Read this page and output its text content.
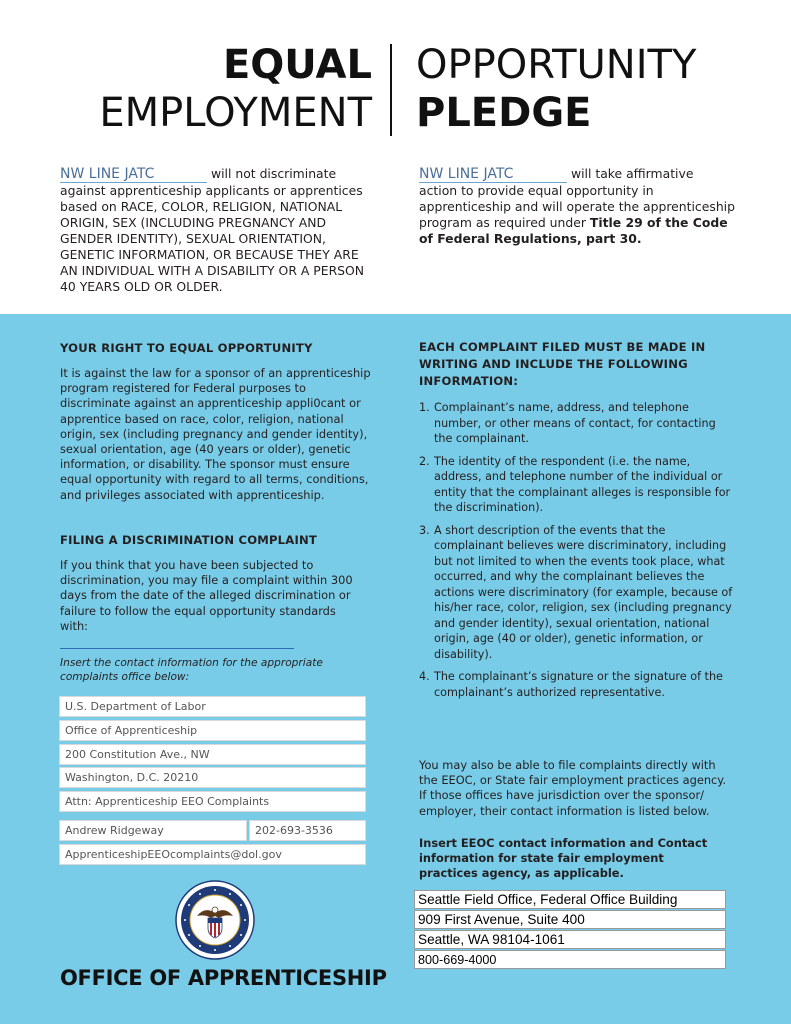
EQUAL
EMPLOYMENT
OPPORTUNITY
PLEDGE
NW LINE JATC	will not discriminate
against apprenticeship applicants or apprentices based on RACE, COLOR, RELIGION, NATIONAL ORIGIN, SEX (INCLUDING PREGNANCY AND GENDER IDENTITY), SEXUAL ORIENTATION, GENETIC INFORMATION, OR BECAUSE THEY ARE AN INDIVIDUAL WITH A DISABILITY OR A PERSON 40 YEARS OLD OR OLDER.
NW LINE JATC	will take affirmative
action to provide equal opportunity in apprenticeship and will operate the apprenticeship program as required under Title 29 of the Code of Federal Regulations, part 30.
YOUR RIGHT TO EQUAL OPPORTUNITY
It is against the law for a sponsor of an apprenticeship program registered for Federal purposes to discriminate against an apprenticeship appli0cant or apprentice based on race, color, religion, national origin, sex (including pregnancy and gender identity), sexual orientation, age (40 years or older), genetic information, or disability. The sponsor must ensure equal opportunity with regard to all terms, conditions, and privileges associated with apprenticeship.
FILING A DISCRIMINATION COMPLAINT
If you think that you have been subjected to discrimination, you may file a complaint within 300 days from the date of the alleged discrimination or failure to follow the equal opportunity standards with:
Insert the contact information for the appropriate complaints office below:
U.S. Department of Labor
Office of Apprenticeship
200 Constitution Ave., NW
Washington, D.C. 20210
Attn: Apprenticeship EEO Complaints
Andrew Ridgeway	202-693-3536
ApprenticeshipEEOcomplaints@dol.gov
OFFICE OF APPRENTICESHIP
EACH COMPLAINT FILED MUST BE MADE IN WRITING AND INCLUDE THE FOLLOWING INFORMATION:
1. Complainant’s name, address, and telephone number, or other means of contact, for contacting the complainant.
2. The identity of the respondent (i.e. the name, address, and telephone number of the individual or entity that the complainant alleges is responsible for the discrimination).
3. A short description of the events that the complainant believes were discriminatory, including but not limited to when the events took place, what occurred, and why the complainant believes the actions were discriminatory (for example, because of his/her race, color, religion, sex (including pregnancy and gender identity), sexual orientation, national origin, age (40 or older), genetic information, or disability).
4. The complainant’s signature or the signature of the complainant’s authorized representative.
You may also be able to file complaints directly with the EEOC, or State fair employment practices agency. If those offices have jurisdiction over the sponsor/ employer, their contact information is listed below.
Insert EEOC contact information and Contact information for state fair employment practices agency, as applicable.
Seattle Field Office, Federal Office Building
909 First Avenue, Suite 400
Seattle, WA 98104-1061
800-669-4000
